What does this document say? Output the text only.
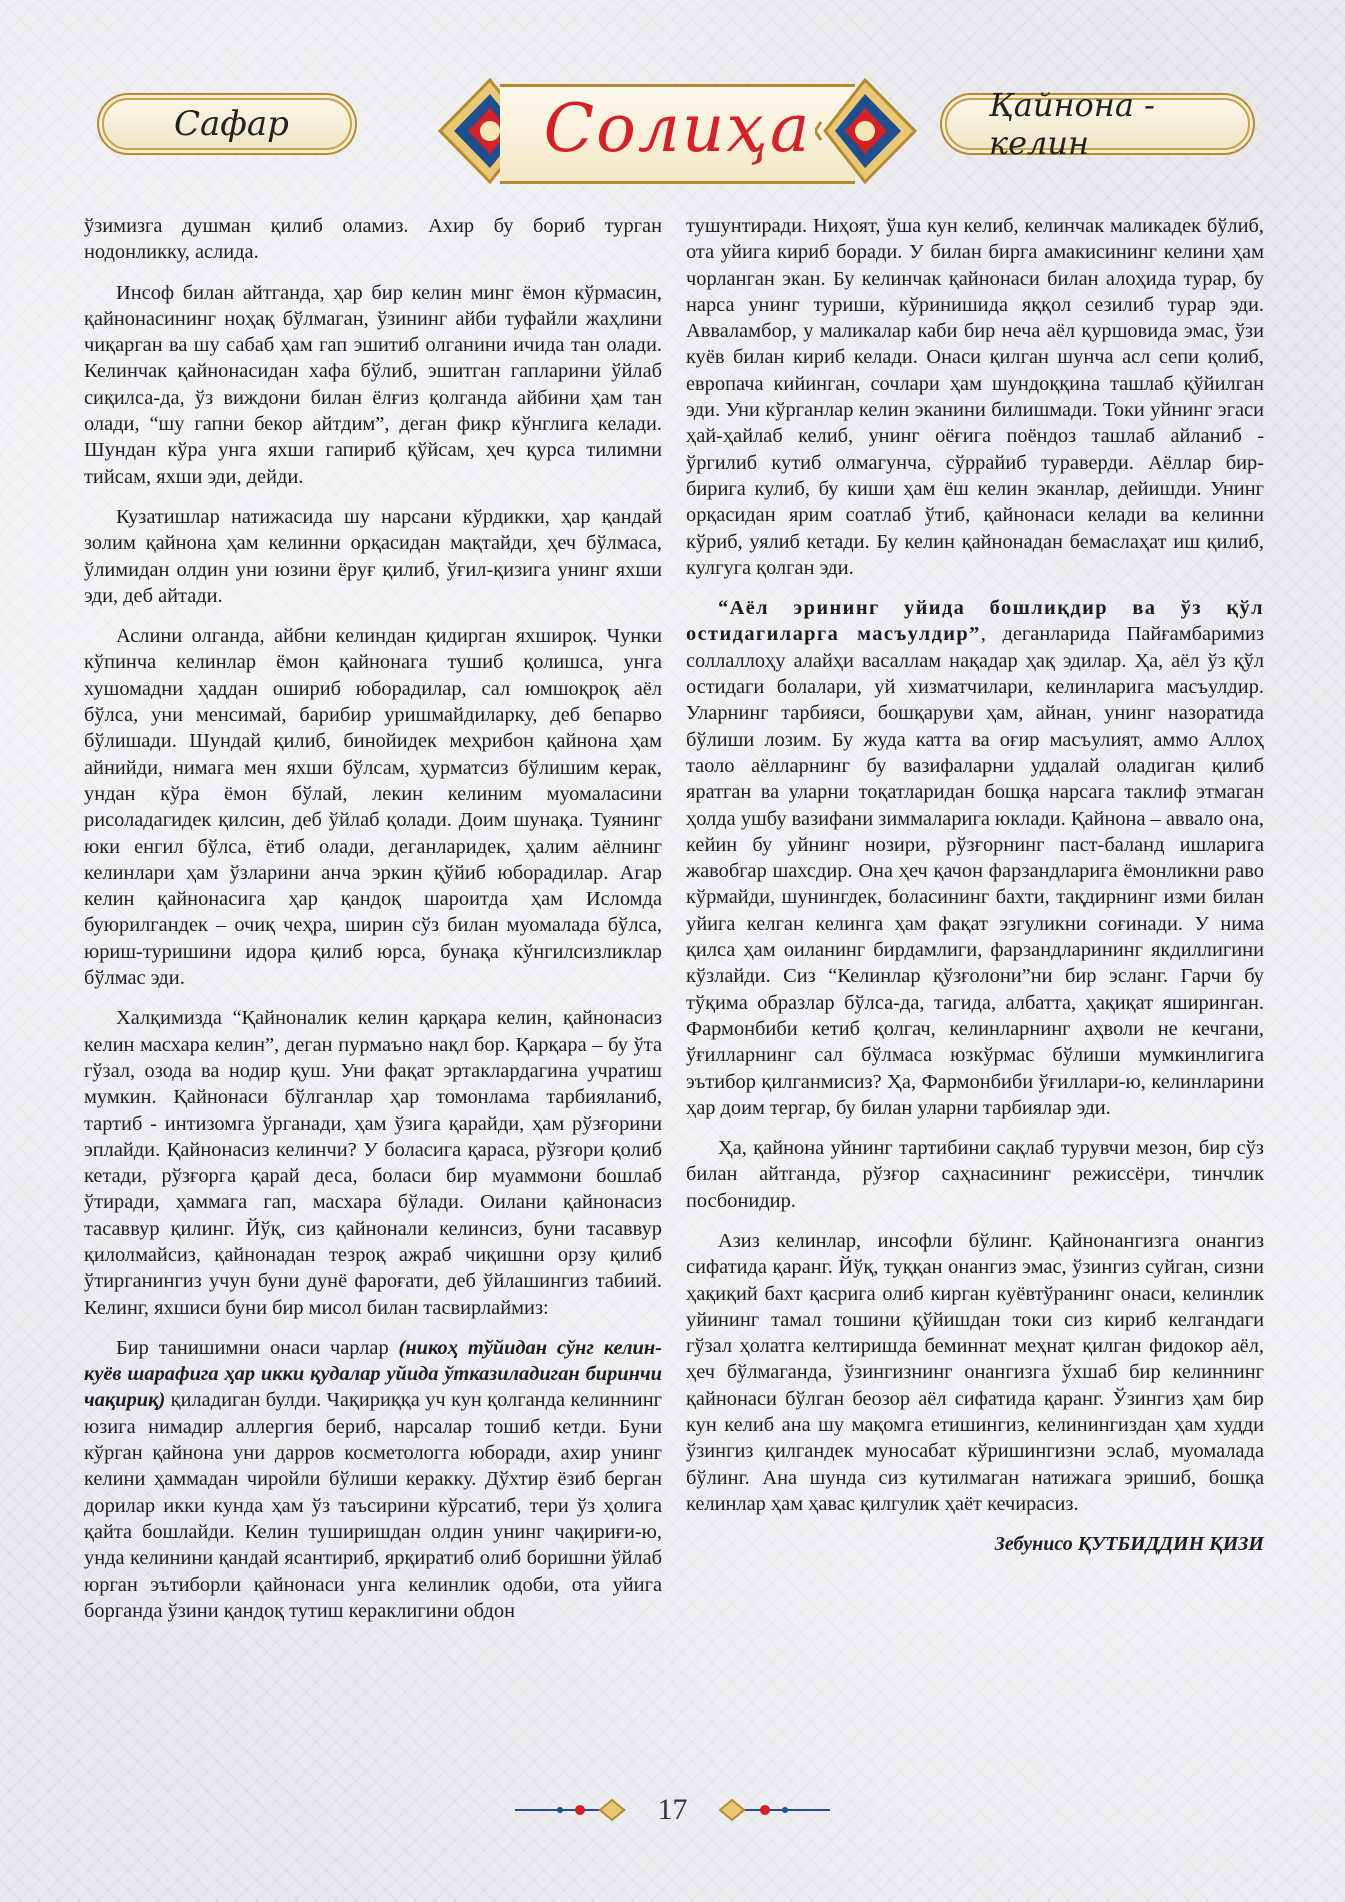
Сафар	Солиҳа	Қайнона - келин

ўзимизга душман қилиб оламиз. Ахир бу бориб турган нодонликку, аслида.

Инсоф билан айтганда, ҳар бир келин минг ёмон кўрмасин, қайнонасининг ноҳақ бўлмаган, ўзининг айби туфайли жаҳлини чиқарган ва шу сабаб ҳам гап эшитиб олганини ичида тан олади. Келинчак қайнонасидан хафа бўлиб, эшитган гапларини ўйлаб сиқилса-да, ўз виждони билан ёлғиз қолганда айбини ҳам тан олади, “шу гапни бекор айтдим”, деган фикр кўнглига келади. Шундан кўра унга яхши гапириб қўйсам, ҳеч қурса тилимни тийсам, яхши эди, дейди.

Кузатишлар натижасида шу нарсани кўрдикки, ҳар қандай золим қайнона ҳам келинни орқасидан мақтайди, ҳеч бўлмаса, ўлимидан олдин уни юзини ёруғ қилиб, ўғил-қизига унинг яхши эди, деб айтади.

Аслини олганда, айбни келиндан қидирган яхшироқ. Чунки кўпинча келинлар ёмон қайнонага тушиб қолишса, унга хушомадни ҳаддан ошириб юборадилар, сал юмшоқроқ аёл бўлса, уни менсимай, барибир уришмайдиларку, деб бепарво бўлишади. Шундай қилиб, бинойидек меҳрибон қайнона ҳам айнийди, нимага мен яхши бўлсам, ҳурматсиз бўлишим керак, ундан кўра ёмон бўлай, лекин келиним муомаласини рисоладагидек қилсин, деб ўйлаб қолади. Доим шунақа. Туянинг юки енгил бўлса, ётиб олади, деганларидек, ҳалим аёлнинг келинлари ҳам ўзларини анча эркин қўйиб юборадилар. Агар келин қайнонасига ҳар қандоқ шароитда ҳам Исломда буюрилгандек – очиқ чеҳра, ширин сўз билан муомалада бўлса, юриш-туришини идора қилиб юрса, бунақа кўнгилсизликлар бўлмас эди.

Халқимизда “Қайноналик келин қарқара келин, қайнонасиз келин масхара келин”, деган пурмаъно нақл бор. Қарқара – бу ўта гўзал, озода ва нодир қуш. Уни фақат эртаклардагина учратиш мумкин. Қайнонаси бўлганлар ҳар томонлама тарбияланиб, тартиб - интизомга ўрганади, ҳам ўзига қарайди, ҳам рўзғорини эплайди. Қайнонасиз келинчи? У боласига қараса, рўзғори қолиб кетади, рўзғорга қарай деса, боласи бир муаммони бошлаб ўтиради, ҳаммага гап, масхара бўлади. Оилани қайнонасиз тасаввур қилинг. Йўқ, сиз қайнонали келинсиз, буни тасаввур қилолмайсиз, қайнонадан тезроқ ажраб чиқишни орзу қилиб ўтирганингиз учун буни дунё фароғати, деб ўйлашингиз табиий. Келинг, яхшиси буни бир мисол билан тасвирлаймиз:

Бир танишимни онаси чарлар (никоҳ тўйидан сўнг келин-куёв шарафига ҳар икки қудалар уйида ўтказиладиган биринчи чақириқ) қиладиган булди. Чақириққа уч кун қолганда келиннинг юзига нимадир аллергия бериб, нарсалар тошиб кетди. Буни кўрган қайнона уни дарров косметологга юборади, ахир унинг келини ҳаммадан чиройли бўлиши керакку. Дўхтир ёзиб берган дорилар икки кунда ҳам ўз таъсирини кўрсатиб, тери ўз ҳолига қайта бошлайди. Келин туширишдан олдин унинг чақириғи-ю, унда келинини қандай ясантириб, ярқиратиб олиб боришни ўйлаб юрган эътиборли қайнонаси унга келинлик одоби, ота уйига борганда ўзини қандоқ тутиш кераклигини обдон

тушунтиради. Ниҳоят, ўша кун келиб, келинчак маликадек бўлиб, ота уйига кириб боради. У билан бирга амакисининг келини ҳам чорланган экан. Бу келинчак қайнонаси билан алоҳида турар, бу нарса унинг туриши, кўринишида яққол сезилиб турар эди. Авваламбор, у маликалар каби бир неча аёл қуршовида эмас, ўзи куёв билан кириб келади. Онаси қилган шунча асл сепи қолиб, европача кийинган, сочлари ҳам шундоққина ташлаб қўйилган эди. Уни кўрганлар келин эканини билишмади. Токи уйнинг эгаси ҳай-ҳайлаб келиб, унинг оёғига поёндоз ташлаб айланиб - ўргилиб кутиб олмагунча, сўррайиб тураверди. Аёллар бир-бирига кулиб, бу киши ҳам ёш келин эканлар, дейишди. Унинг орқасидан ярим соатлаб ўтиб, қайнонаси келади ва келинни кўриб, уялиб кетади. Бу келин қайнонадан бемаслаҳат иш қилиб, кулгуга қолган эди.

“Аёл эрининг уйида бошлиқдир ва ўз қўл остидагиларга масъулдир”, деганларида Пайғамбаримиз соллаллоҳу алайҳи васаллам нақадар ҳақ эдилар. Ҳа, аёл ўз қўл остидаги болалари, уй хизматчилари, келинларига масъулдир. Уларнинг тарбияси, бошқаруви ҳам, айнан, унинг назоратида бўлиши лозим. Бу жуда катта ва оғир масъулият, аммо Аллоҳ таоло аёлларнинг бу вазифаларни уддалай оладиган қилиб яратган ва уларни тоқатларидан бошқа нарсага таклиф этмаган ҳолда ушбу вазифани зиммаларига юклади. Қайнона – аввало она, кейин бу уйнинг нозири, рўзғорнинг паст-баланд ишларига жавобгар шахсдир. Она ҳеч қачон фарзандларига ёмонликни раво кўрмайди, шунингдек, боласининг бахти, тақдирнинг изми билан уйига келган келинга ҳам фақат эзгуликни соғинади. У нима қилса ҳам оиланинг бирдамлиги, фарзандларининг якдиллигини кўзлайди. Сиз “Келинлар қўзғолони”ни бир эсланг. Гарчи бу тўқима образлар бўлса-да, тагида, албатта, ҳақиқат яширинган. Фармонбиби кетиб қолгач, келинларнинг аҳволи не кечгани, ўғилларнинг сал бўлмаса юзкўрмас бўлиши мумкинлигига эътибор қилганмисиз? Ҳа, Фармонбиби ўғиллари-ю, келинларини ҳар доим тергар, бу билан уларни тарбиялар эди.

Ҳа, қайнона уйнинг тартибини сақлаб турувчи мезон, бир сўз билан айтганда, рўзғор саҳнасининг режиссёри, тинчлик посбонидир.

Азиз келинлар, инсофли бўлинг. Қайнонангизга онангиз сифатида қаранг. Йўқ, туққан онангиз эмас, ўзингиз суйган, сизни ҳақиқий бахт қасрига олиб кирган куёвтўранинг онаси, келинлик уйининг тамал тошини қўйишдан токи сиз кириб келгандаги гўзал ҳолатга келтиришда беминнат меҳнат қилган фидокор аёл, ҳеч бўлмаганда, ўзингизнинг онангизга ўхшаб бир келиннинг қайнонаси бўлган беозор аёл сифатида қаранг. Ўзингиз ҳам бир кун келиб ана шу мақомга етишингиз, келинингиздан ҳам худди ўзингиз қилгандек муносабат кўришингизни эслаб, муомалада бўлинг. Ана шунда сиз кутилмаган натижага эришиб, бошқа келинлар ҳам ҳавас қилгулик ҳаёт кечирасиз.

Зебунисо ҚУТБИДДИН ҚИЗИ
17
